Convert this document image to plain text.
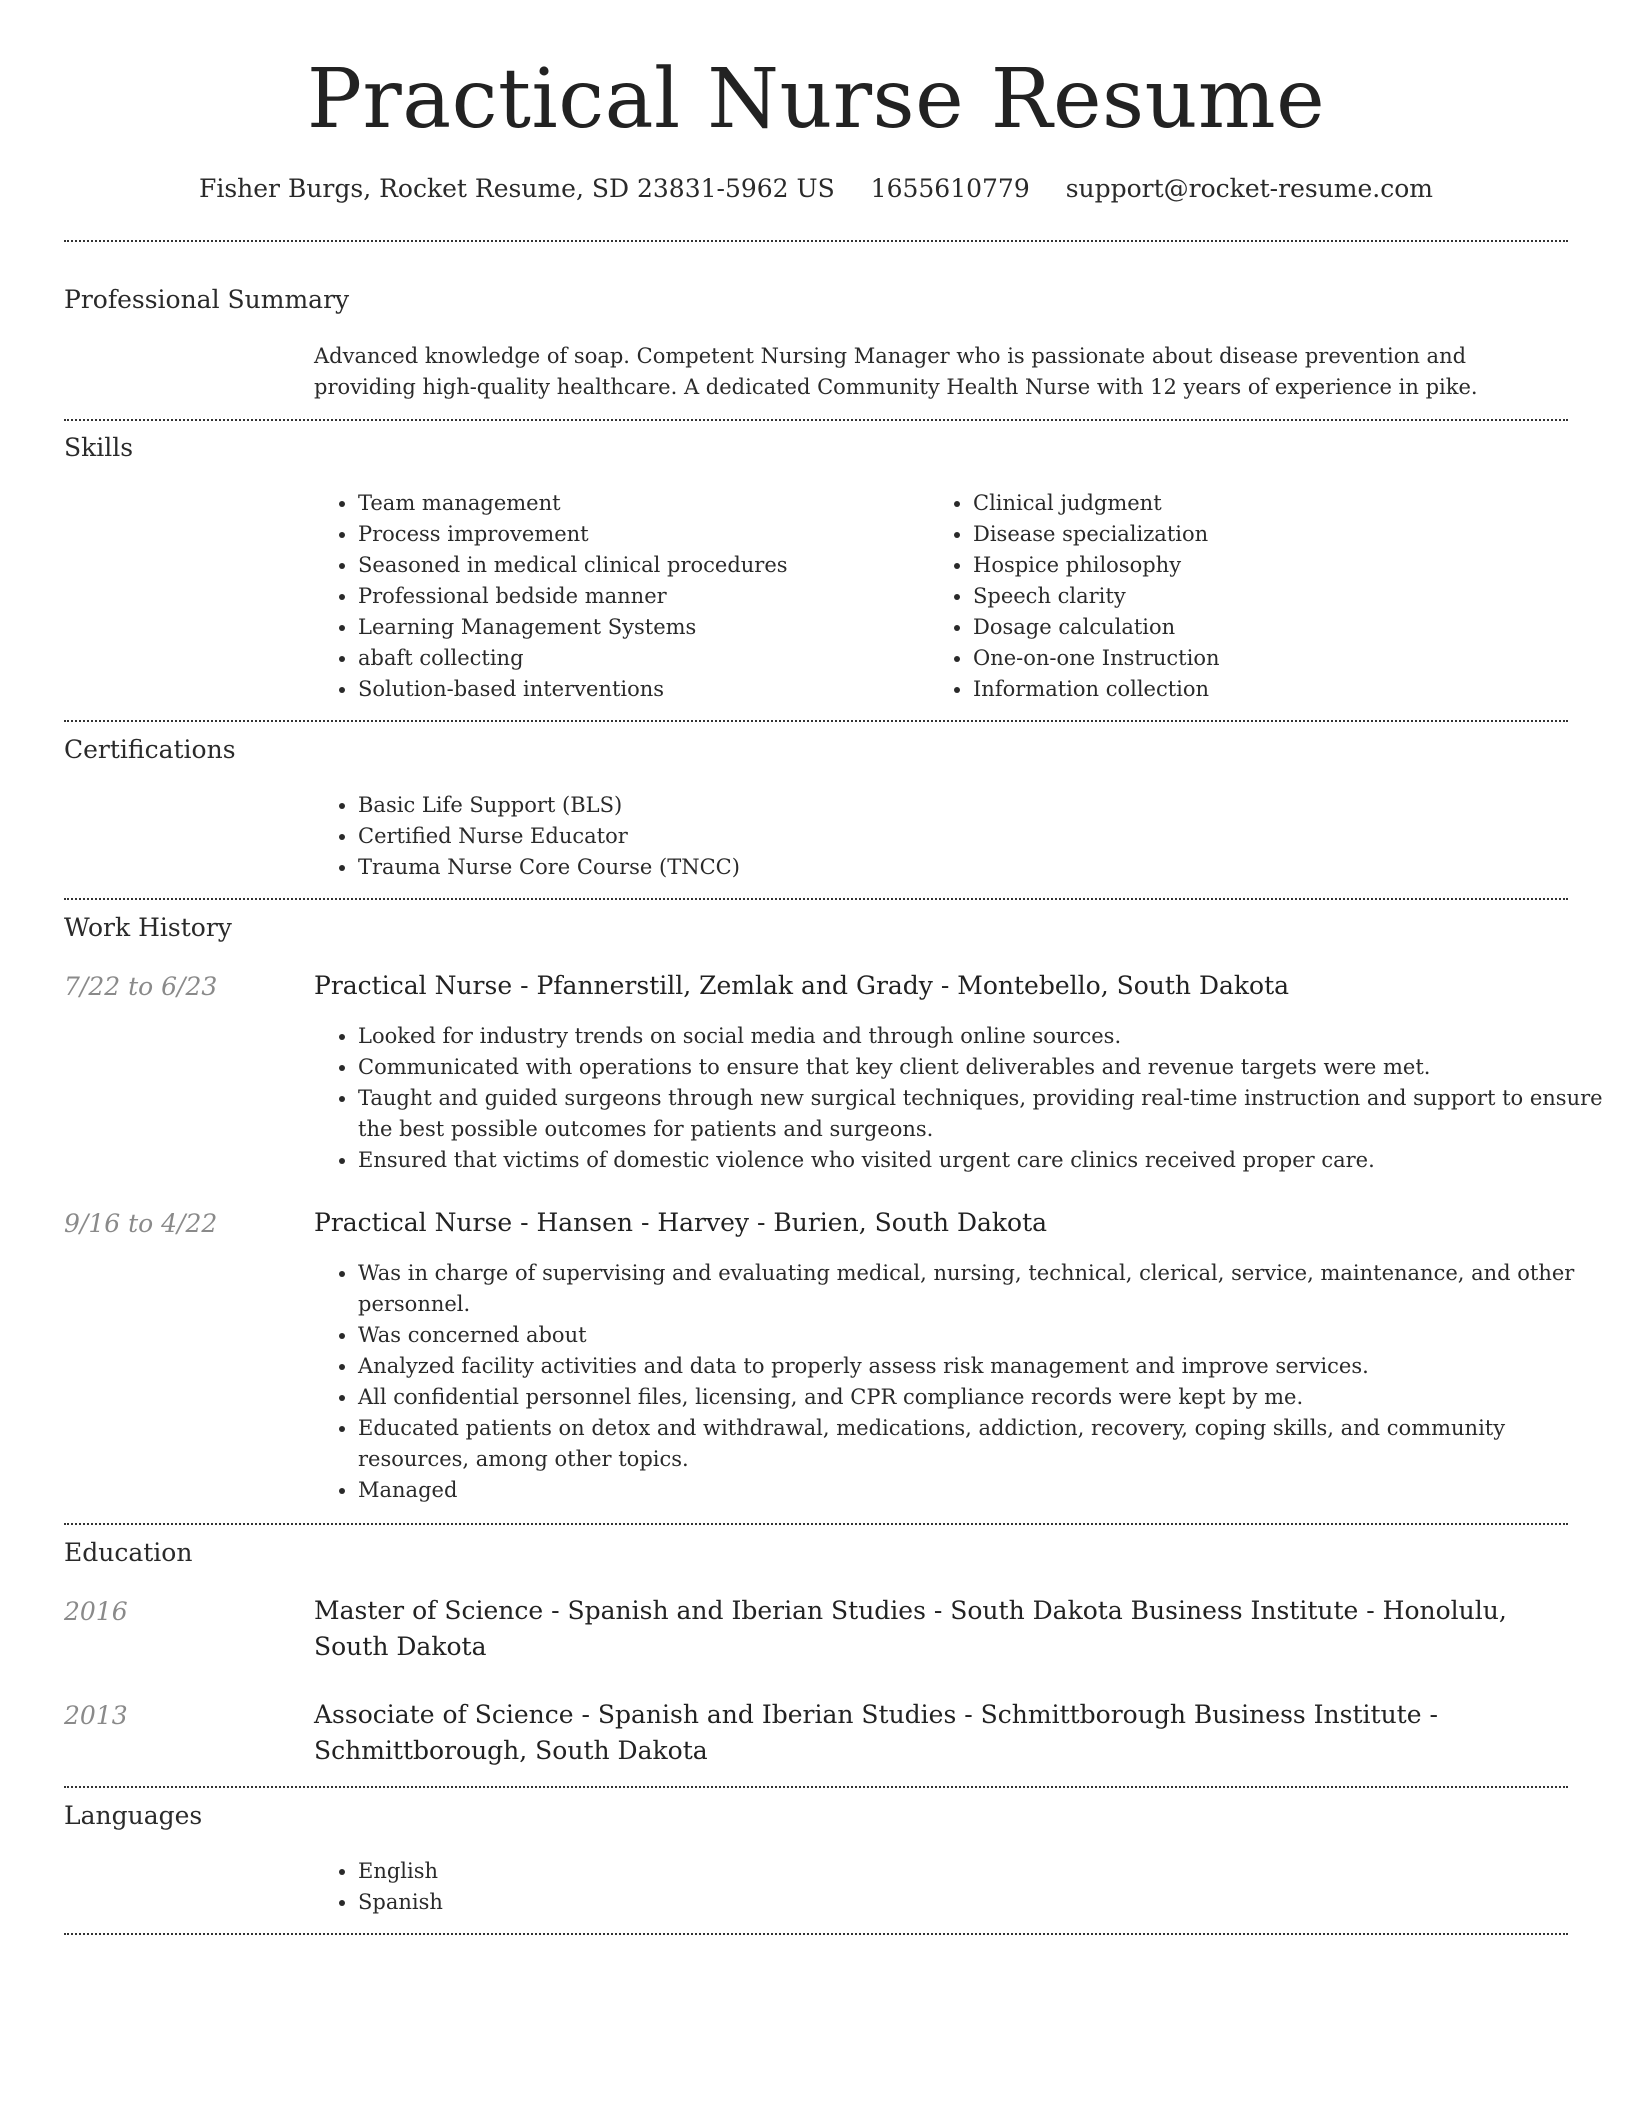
Practical Nurse Resume
Fisher Burgs, Rocket Resume, SD 23831-5962 US 1655610779 support@rocket-resume.com
Professional Summary

Advanced knowledge of soap. Competent Nursing Manager who is passionate about disease prevention and providing high-quality healthcare. A dedicated Community Health Nurse with 12 years of experience in pike.

Skills
• Team management
• Process improvement
• Seasoned in medical clinical procedures
• Professional bedside manner
• Learning Management Systems
• abaft collecting
• Solution-based interventions
• Clinical judgment
• Disease specialization
• Hospice philosophy
• Speech clarity
• Dosage calculation
• One-on-one Instruction
• Information collection
Certifications
• Basic Life Support (BLS)
• Certified Nurse Educator
• Trauma Nurse Core Course (TNCC)
Work History
7/22 to 6/23	Practical Nurse - Pfannerstill, Zemlak and Grady - Montebello, South Dakota
• Looked for industry trends on social media and through online sources.
• Communicated with operations to ensure that key client deliverables and revenue targets were met.
• Taught and guided surgeons through new surgical techniques, providing real-time instruction and support to ensure the best possible outcomes for patients and surgeons.
• Ensured that victims of domestic violence who visited urgent care clinics received proper care.
9/16 to 4/22	Practical Nurse - Hansen - Harvey - Burien, South Dakota
• Was in charge of supervising and evaluating medical, nursing, technical, clerical, service, maintenance, and other personnel.
• Was concerned about
• Analyzed facility activities and data to properly assess risk management and improve services.
• All confidential personnel files, licensing, and CPR compliance records were kept by me.
• Educated patients on detox and withdrawal, medications, addiction, recovery, coping skills, and community resources, among other topics.
• Managed
Education
2016	Master of Science - Spanish and Iberian Studies - South Dakota Business Institute - Honolulu, South Dakota
2013	Associate of Science - Spanish and Iberian Studies - Schmittborough Business Institute - Schmittborough, South Dakota
Languages
• English
• Spanish
